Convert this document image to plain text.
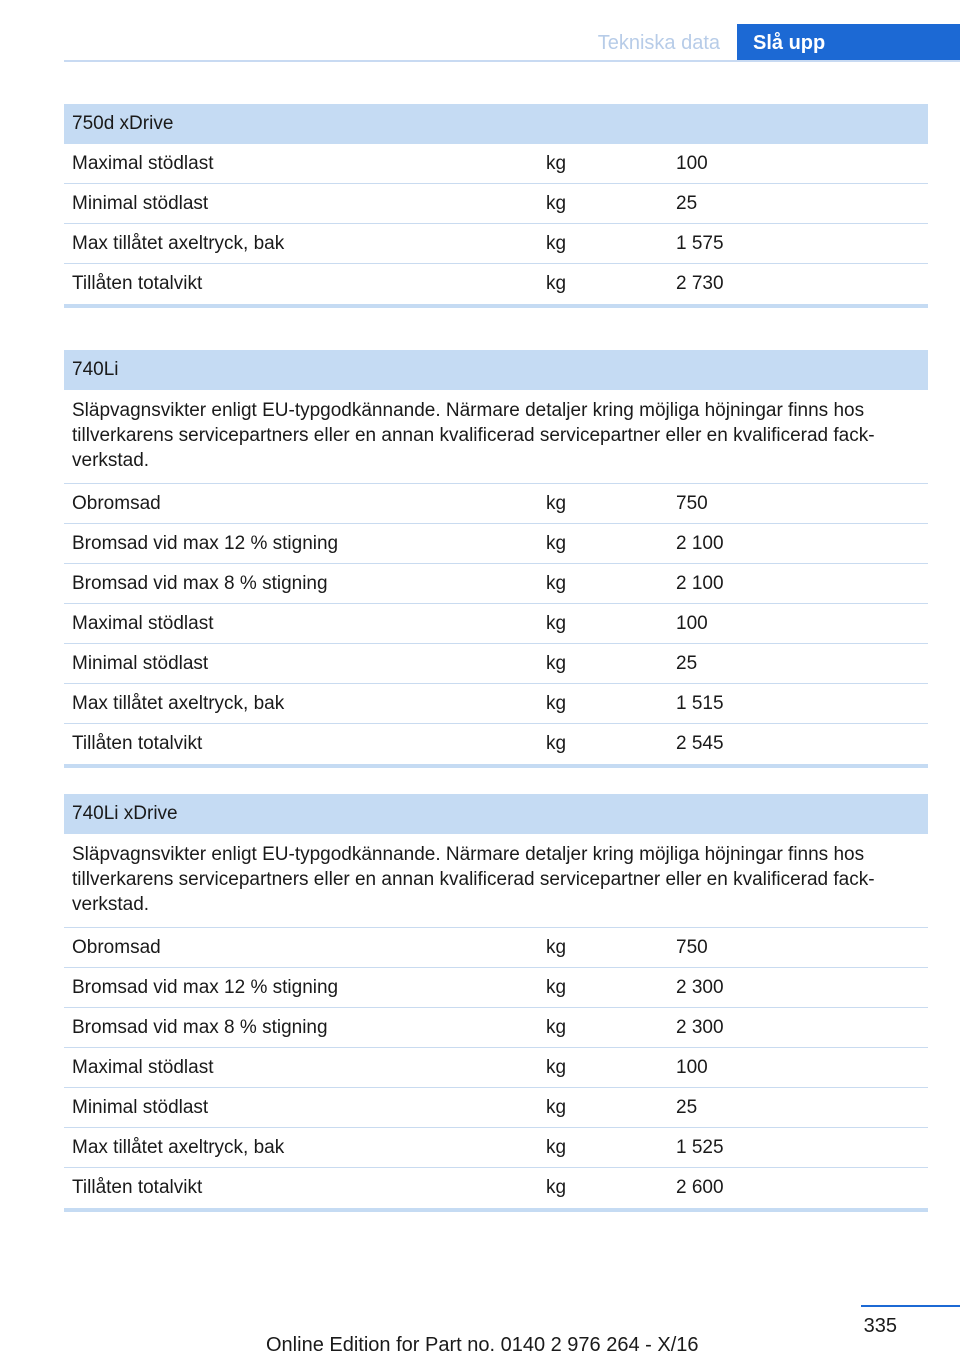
Tekniska data	Slå upp
750d xDrive
Maximal stödlast	kg	100
Minimal stödlast	kg	25
Max tillåtet axeltryck, bak	kg	1 575
Tillåten totalvikt	kg	2 730
740Li
Släpvagnsvikter enligt EU-typgodkännande. Närmare detaljer kring möjliga höjningar finns hos tillverkarens servicepartners eller en annan kvalificerad servicepartner eller en kvalificerad fack-verkstad.
Obromsad	kg	750
Bromsad vid max 12 % stigning	kg	2 100
Bromsad vid max 8 % stigning	kg	2 100
Maximal stödlast	kg	100
Minimal stödlast	kg	25
Max tillåtet axeltryck, bak	kg	1 515
Tillåten totalvikt	kg	2 545
740Li xDrive
Släpvagnsvikter enligt EU-typgodkännande. Närmare detaljer kring möjliga höjningar finns hos tillverkarens servicepartners eller en annan kvalificerad servicepartner eller en kvalificerad fack-verkstad.
Obromsad	kg	750
Bromsad vid max 12 % stigning	kg	2 300
Bromsad vid max 8 % stigning	kg	2 300
Maximal stödlast	kg	100
Minimal stödlast	kg	25
Max tillåtet axeltryck, bak	kg	1 525
Tillåten totalvikt	kg	2 600
335
Online Edition for Part no. 0140 2 976 264 - X/16
